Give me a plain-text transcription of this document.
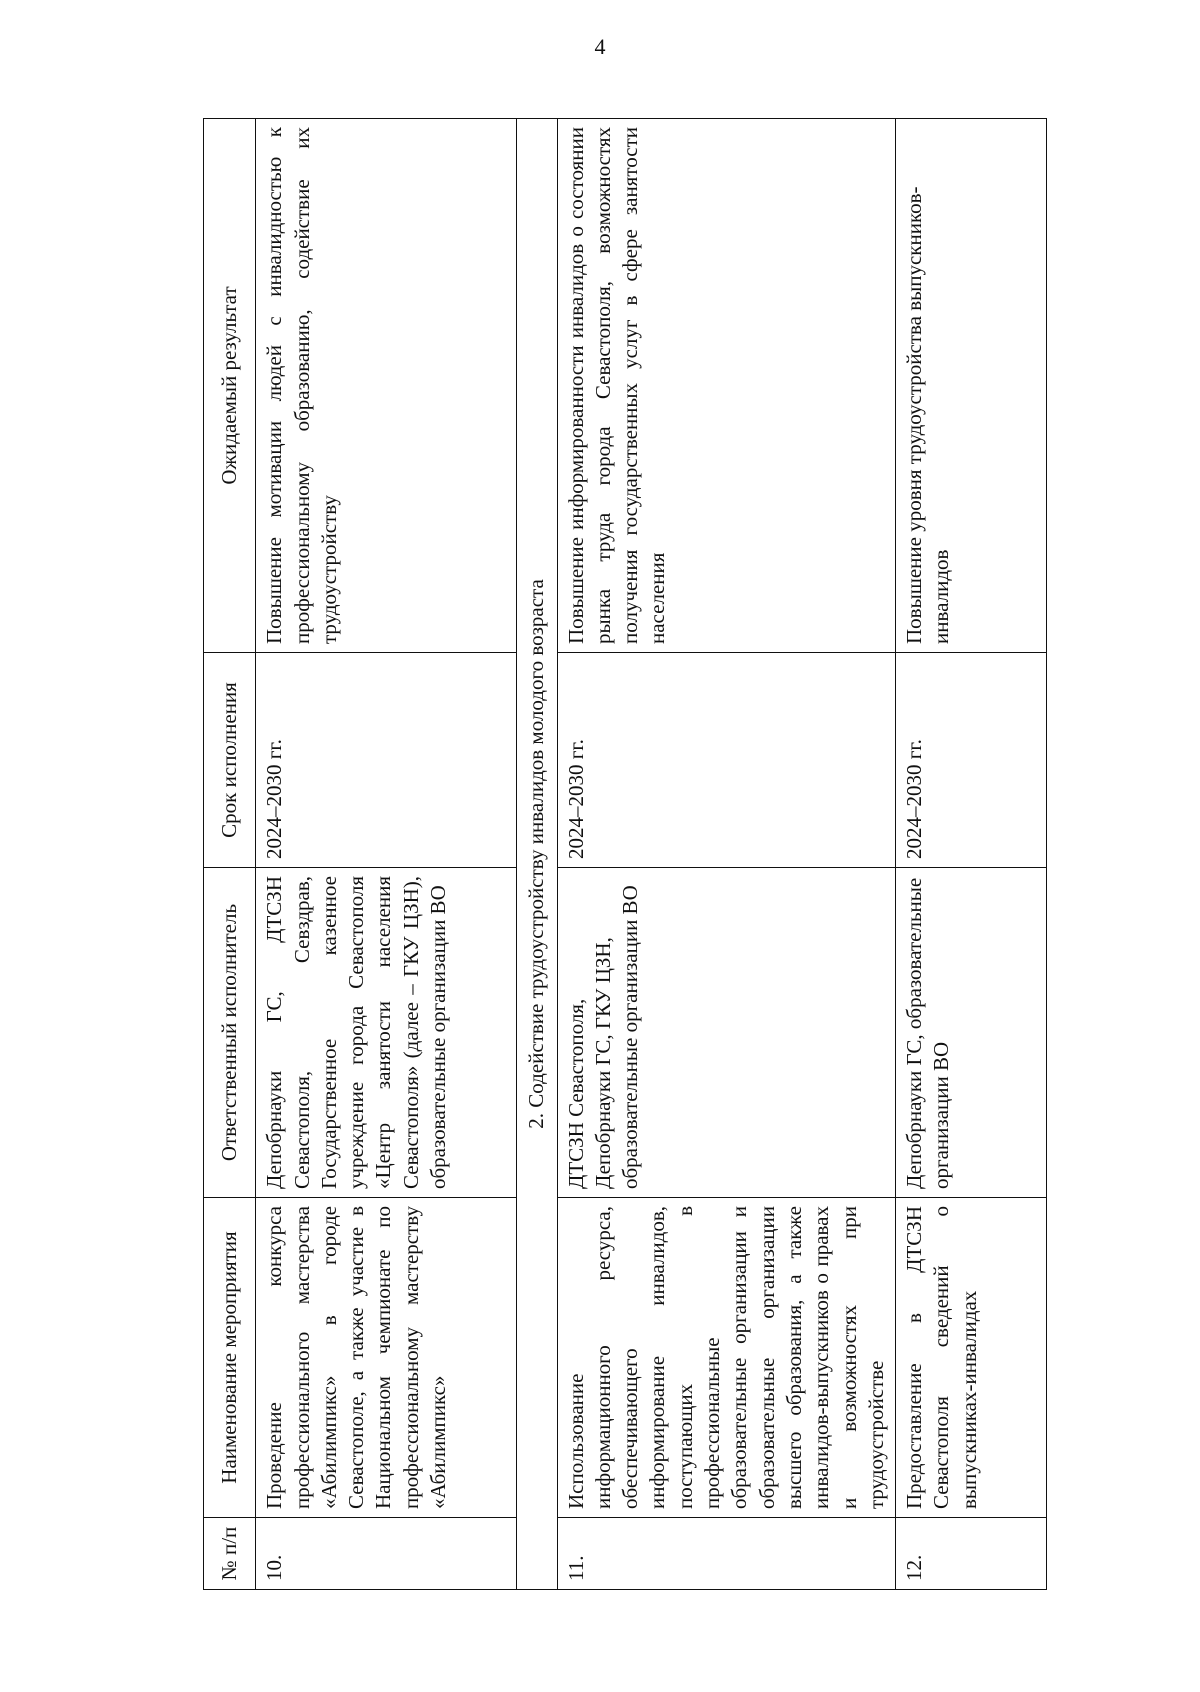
4
№ п/п	Наименование мероприятия	Ответственный исполнитель	Срок исполнения	Ожидаемый результат
10.	Проведение конкурса профессионального мастерства «Абилимпикс» в городе Севастополе, а также участие в Национальном чемпионате по профессиональному мастерству «Абилимпикс»	Депобрнауки ГС, ДТСЗН Севастополя, Севздрав, Государственное казенное учреждение города Севастополя «Центр занятости населения Севастополя» (далее – ГКУ ЦЗН), образовательные организации ВО	2024–2030 гг.	Повышение мотивации людей с инвалидностью к профессиональному образованию, содействие их трудоустройству
2. Содействие трудоустройству инвалидов молодого возраста				
11.	Использование информационного ресурса, обеспечивающего информирование инвалидов, поступающих в профессиональные образовательные организации и образовательные организации высшего образования, а также инвалидов-выпускников о правах и возможностях при трудоустройстве	ДТСЗН Севастополя, Депобрнауки ГС, ГКУ ЦЗН, образовательные организации ВО	2024–2030 гг.	Повышение информированности инвалидов о состоянии рынка труда города Севастополя, возможностях получения государственных услуг в сфере занятости населения
12.	Предоставление в ДТСЗН Севастополя сведений о выпускниках-инвалидах	Депобрнауки ГС, образовательные организации ВО	2024–2030 гг.	Повышение уровня трудоустройства выпускников-инвалидов
